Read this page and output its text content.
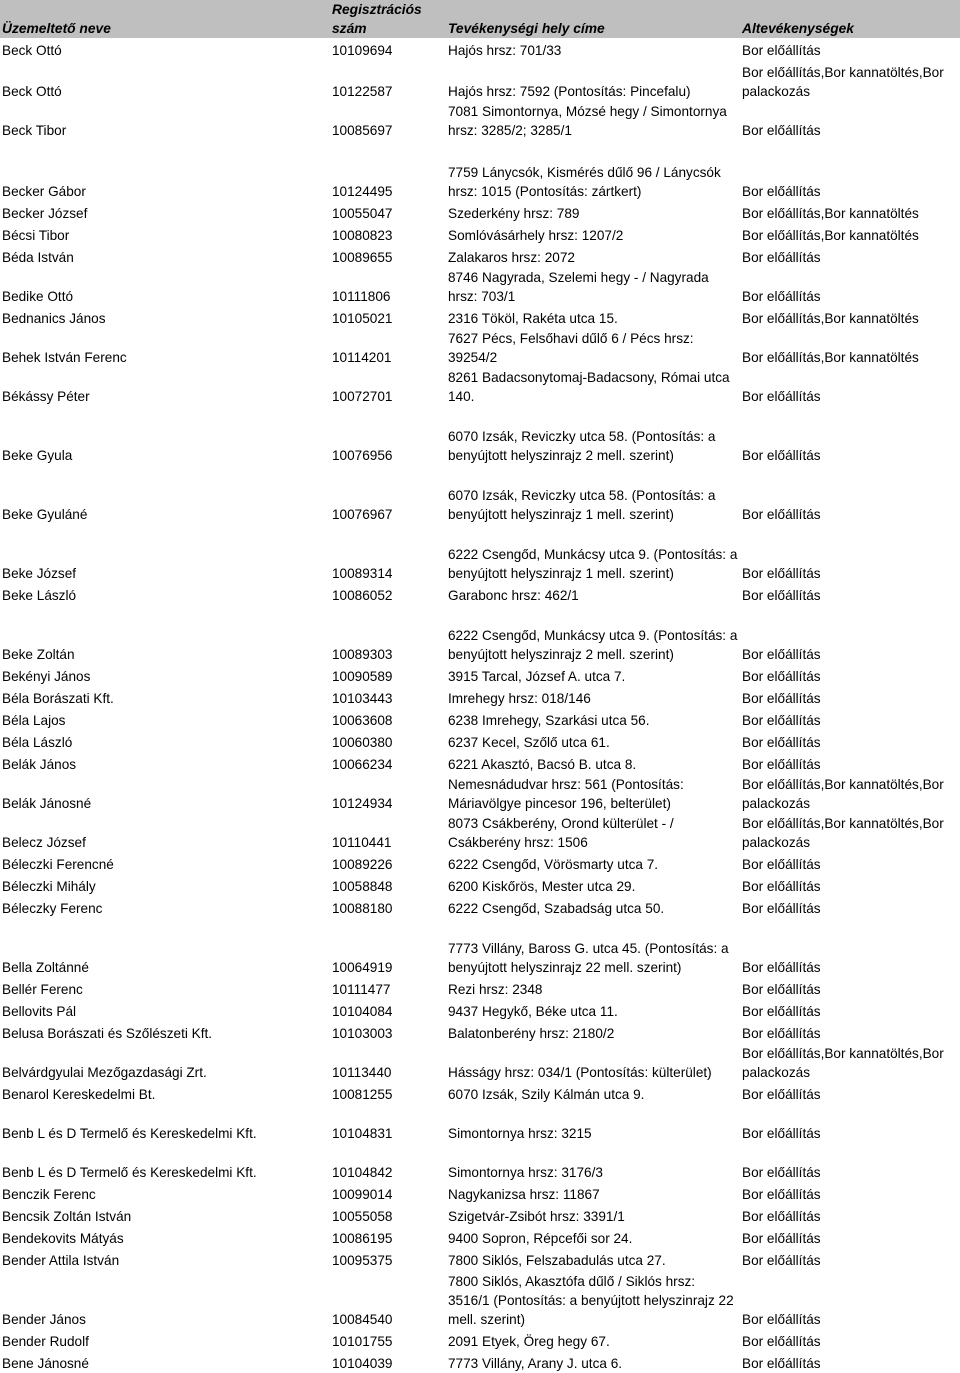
Üzemeltető neve	Regisztrációs szám	Tevékenységi hely címe	Altevékenységek
Beck Ottó	10109694	Hajós hrsz: 701/33	Bor előállítás
Beck Ottó	10122587	Hajós hrsz: 7592 (Pontosítás: Pincefalu)	Bor előállítás,Bor kannatöltés,Bor palackozás
Beck Tibor	10085697	7081 Simontornya, Mózsé hegy / Simontornya hrsz: 3285/2; 3285/1	Bor előállítás
Becker Gábor	10124495	7759 Lánycsók, Kismérés dűlő 96 / Lánycsók hrsz: 1015 (Pontosítás: zártkert)	Bor előállítás
Becker József	10055047	Szederkény hrsz: 789	Bor előállítás,Bor kannatöltés
Bécsi Tibor	10080823	Somlóvásárhely hrsz: 1207/2	Bor előállítás,Bor kannatöltés
Béda István	10089655	Zalakaros hrsz: 2072	Bor előállítás
Bedike Ottó	10111806	8746 Nagyrada, Szelemi hegy - / Nagyrada hrsz: 703/1	Bor előállítás
Bednanics János	10105021	2316 Tököl, Rakéta utca 15.	Bor előállítás,Bor kannatöltés
Behek István Ferenc	10114201	7627 Pécs, Felsőhavi dűlő 6 / Pécs hrsz: 39254/2	Bor előállítás,Bor kannatöltés
Békássy Péter	10072701	8261 Badacsonytomaj-Badacsony, Római utca 140.	Bor előállítás
Beke Gyula	10076956	6070 Izsák, Reviczky utca 58. (Pontosítás: a benyújtott helyszinrajz 2 mell. szerint)	Bor előállítás
Beke Gyuláné	10076967	6070 Izsák, Reviczky utca 58. (Pontosítás: a benyújtott helyszinrajz 1 mell. szerint)	Bor előállítás
Beke József	10089314	6222 Csengőd, Munkácsy utca 9. (Pontosítás: a benyújtott helyszinrajz 1 mell. szerint)	Bor előállítás
Beke László	10086052	Garabonc hrsz: 462/1	Bor előállítás
Beke Zoltán	10089303	6222 Csengőd, Munkácsy utca 9. (Pontosítás: a benyújtott helyszinrajz 2 mell. szerint)	Bor előállítás
Bekényi János	10090589	3915 Tarcal, József A. utca 7.	Bor előállítás
Béla Borászati Kft.	10103443	Imrehegy hrsz: 018/146	Bor előállítás
Béla Lajos	10063608	6238 Imrehegy, Szarkási utca 56.	Bor előállítás
Béla László	10060380	6237 Kecel, Szőlő utca 61.	Bor előállítás
Belák János	10066234	6221 Akasztó, Bacsó B. utca 8.	Bor előállítás
Belák Jánosné	10124934	Nemesnádudvar hrsz: 561 (Pontosítás: Máriavölgye pincesor 196, belterület)	Bor előállítás,Bor kannatöltés,Bor palackozás
Belecz József	10110441	8073 Csákberény, Orond külterület - / Csákberény hrsz: 1506	Bor előállítás,Bor kannatöltés,Bor palackozás
Béleczki Ferencné	10089226	6222 Csengőd, Vörösmarty utca 7.	Bor előállítás
Béleczki Mihály	10058848	6200 Kiskőrös, Mester utca 29.	Bor előállítás
Béleczky Ferenc	10088180	6222 Csengőd, Szabadság utca 50.	Bor előállítás
Bella Zoltánné	10064919	7773 Villány, Baross G. utca 45. (Pontosítás: a benyújtott helyszinrajz 22 mell. szerint)	Bor előállítás
Bellér Ferenc	10111477	Rezi hrsz: 2348	Bor előállítás
Bellovits Pál	10104084	9437 Hegykő, Béke utca 11.	Bor előállítás
Belusa Borászati és Szőlészeti Kft.	10103003	Balatonberény hrsz: 2180/2	Bor előállítás
Belvárdgyulai Mezőgazdasági Zrt.	10113440	Hásságy hrsz: 034/1 (Pontosítás: külterület)	Bor előállítás,Bor kannatöltés,Bor palackozás
Benarol Kereskedelmi Bt.	10081255	6070 Izsák, Szily Kálmán utca 9.	Bor előállítás
Benb L és D Termelő és Kereskedelmi Kft.	10104831	Simontornya hrsz: 3215	Bor előállítás
Benb L és D Termelő és Kereskedelmi Kft.	10104842	Simontornya hrsz: 3176/3	Bor előállítás
Benczik Ferenc	10099014	Nagykanizsa hrsz: 11867	Bor előállítás
Bencsik Zoltán István	10055058	Szigetvár-Zsibót hrsz: 3391/1	Bor előállítás
Bendekovits Mátyás	10086195	9400 Sopron, Répcefői sor 24.	Bor előállítás
Bender Attila István	10095375	7800 Siklós, Felszabadulás utca 27.	Bor előállítás
Bender János	10084540	7800 Siklós, Akasztófa dűlő / Siklós hrsz: 3516/1 (Pontosítás: a benyújtott helyszinrajz 22 mell. szerint)	Bor előállítás
Bender Rudolf	10101755	2091 Etyek, Öreg hegy 67.	Bor előállítás
Bene Jánosné	10104039	7773 Villány, Arany J. utca 6.	Bor előállítás
